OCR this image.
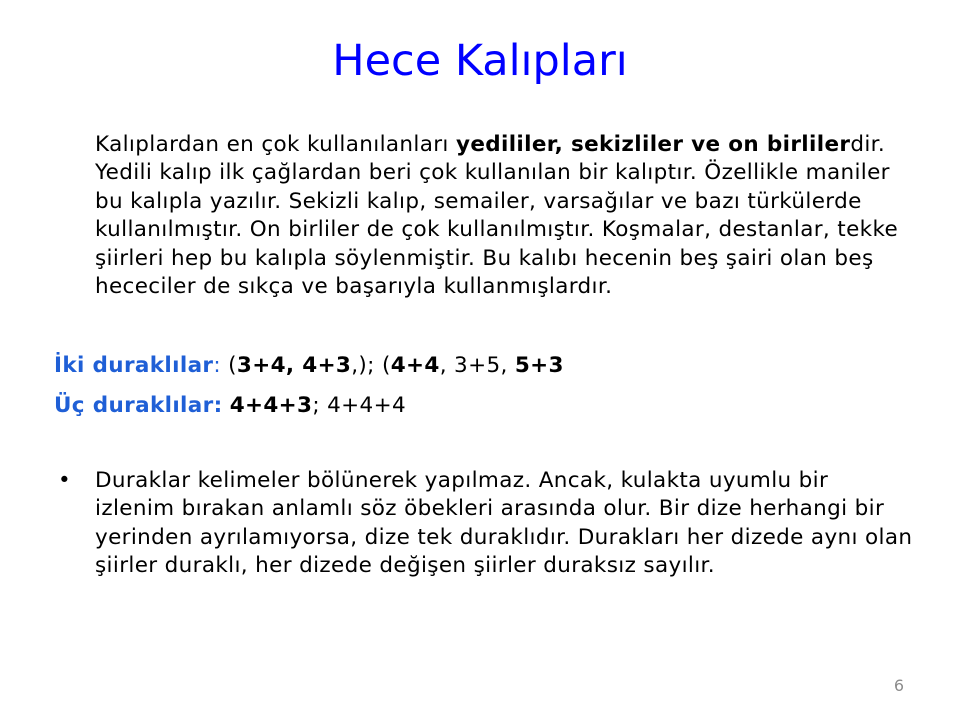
Hece Kalıpları
Kalıplardan en çok kullanılanları yedililer, sekizliler ve on birlilerdir. Yedili kalıp ilk çağlardan beri çok kullanılan bir kalıptır. Özellikle maniler bu kalıpla yazılır. Sekizli kalıp, semailer, varsağılar ve bazı türkülerde kullanılmıştır. On birliler de çok kullanılmıştır. Koşmalar, destanlar, tekke şiirleri hep bu kalıpla söylenmiştir. Bu kalıbı hecenin beş şairi olan beş hececiler de sıkça ve başarıyla kullanmışlardır.
İki duraklılar: (3+4, 4+3,); (4+4, 3+5, 5+3
Üç duraklılar: 4+4+3; 4+4+4
• Duraklar kelimeler bölünerek yapılmaz. Ancak, kulakta uyumlu bir izlenim bırakan anlamlı söz öbekleri arasında olur. Bir dize herhangi bir yerinden ayrılamıyorsa, dize tek duraklıdır. Durakları her dizede aynı olan şiirler duraklı, her dizede değişen şiirler duraksız sayılır.
6
